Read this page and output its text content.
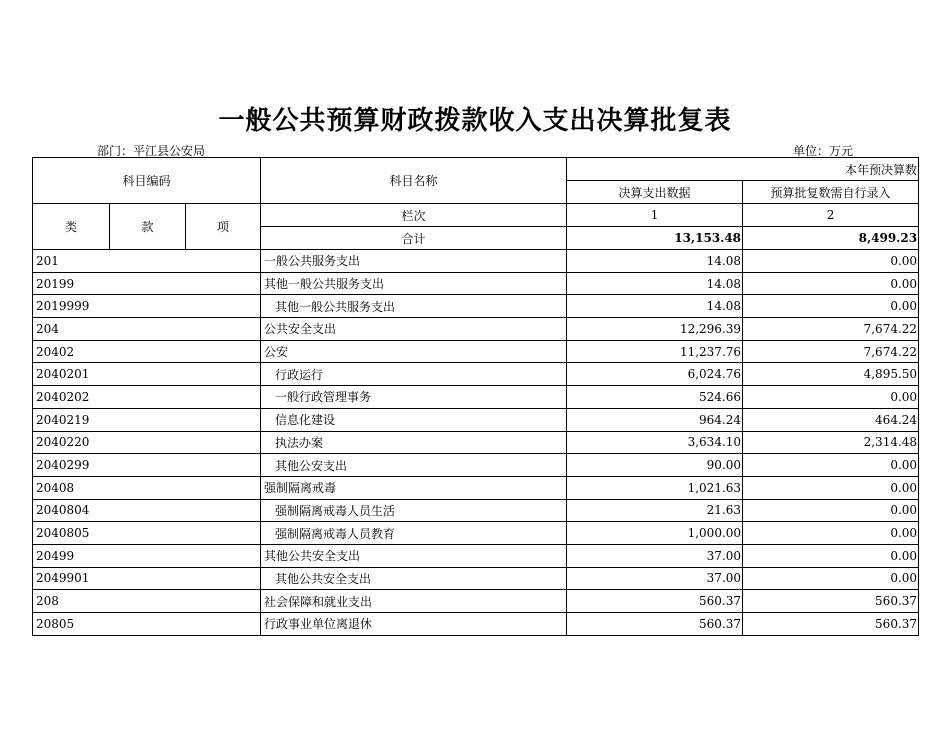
一般公共预算财政拨款收入支出决算批复表
部门：平江县公安局	单位：万元
科目编码			科目名称	本年预决算数	
				决算支出数据	预算批复数需自行录入
类	款	项	栏次	1	2
			合计	13,153.48	8,499.23
201			一般公共服务支出	14.08	0.00
20199			其他一般公共服务支出	14.08	0.00
2019999			其他一般公共服务支出	14.08	0.00
204			公共安全支出	12,296.39	7,674.22
20402			公安	11,237.76	7,674.22
2040201			行政运行	6,024.76	4,895.50
2040202			一般行政管理事务	524.66	0.00
2040219			信息化建设	964.24	464.24
2040220			执法办案	3,634.10	2,314.48
2040299			其他公安支出	90.00	0.00
20408			强制隔离戒毒	1,021.63	0.00
2040804			强制隔离戒毒人员生活	21.63	0.00
2040805			强制隔离戒毒人员教育	1,000.00	0.00
20499			其他公共安全支出	37.00	0.00
2049901			其他公共安全支出	37.00	0.00
208			社会保障和就业支出	560.37	560.37
20805			行政事业单位离退休	560.37	560.37
